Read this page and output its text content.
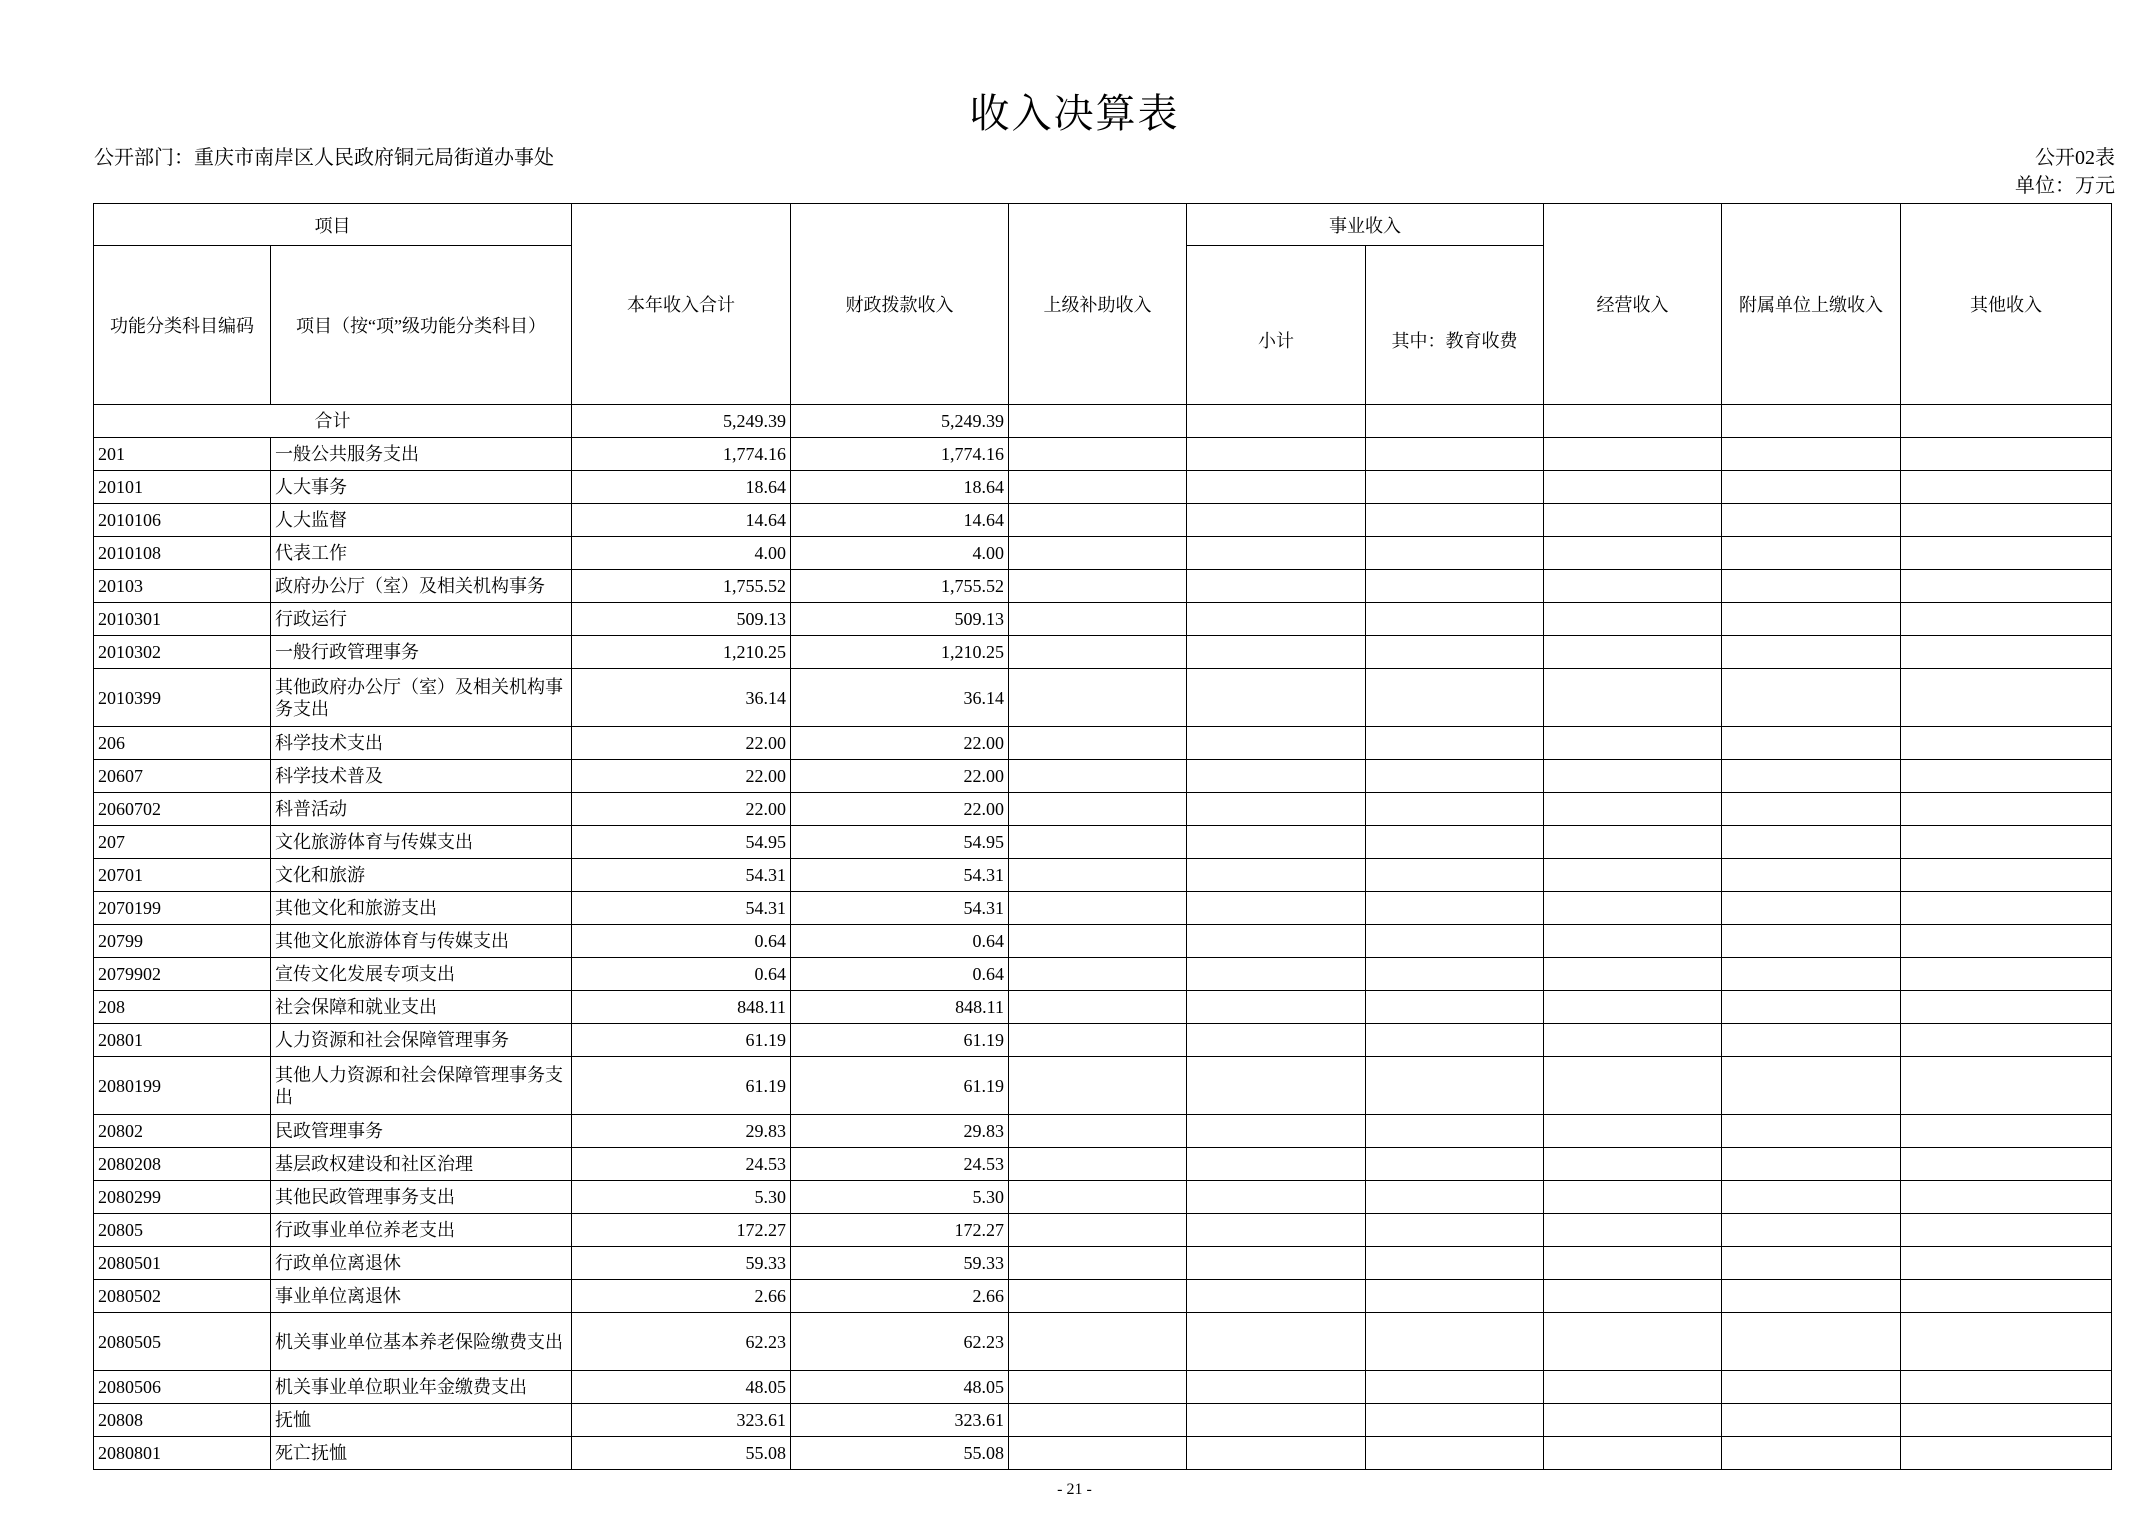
收入决算表
公开部门：重庆市南岸区人民政府铜元局街道办事处	公开02表
单位：万元
项目		本年收入合计	财政拨款收入	上级补助收入	事业收入		经营收入	附属单位上缴收入	其他收入
功能分类科目编码	项目（按“项”级功能分类科目）				小计	其中：教育收费			
合计		5,249.39	5,249.39						
201	一般公共服务支出	1,774.16	1,774.16						
20101	人大事务	18.64	18.64						
2010106	人大监督	14.64	14.64						
2010108	代表工作	4.00	4.00						
20103	政府办公厅（室）及相关机构事务	1,755.52	1,755.52						
2010301	行政运行	509.13	509.13						
2010302	一般行政管理事务	1,210.25	1,210.25						
2010399	其他政府办公厅（室）及相关机构事务支出	36.14	36.14						
206	科学技术支出	22.00	22.00						
20607	科学技术普及	22.00	22.00						
2060702	科普活动	22.00	22.00						
207	文化旅游体育与传媒支出	54.95	54.95						
20701	文化和旅游	54.31	54.31						
2070199	其他文化和旅游支出	54.31	54.31						
20799	其他文化旅游体育与传媒支出	0.64	0.64						
2079902	宣传文化发展专项支出	0.64	0.64						
208	社会保障和就业支出	848.11	848.11						
20801	人力资源和社会保障管理事务	61.19	61.19						
2080199	其他人力资源和社会保障管理事务支出	61.19	61.19						
20802	民政管理事务	29.83	29.83						
2080208	基层政权建设和社区治理	24.53	24.53						
2080299	其他民政管理事务支出	5.30	5.30						
20805	行政事业单位养老支出	172.27	172.27						
2080501	行政单位离退休	59.33	59.33						
2080502	事业单位离退休	2.66	2.66						
2080505	机关事业单位基本养老保险缴费支出	62.23	62.23						
2080506	机关事业单位职业年金缴费支出	48.05	48.05						
20808	抚恤	323.61	323.61						
2080801	死亡抚恤	55.08	55.08						
- 21 -
